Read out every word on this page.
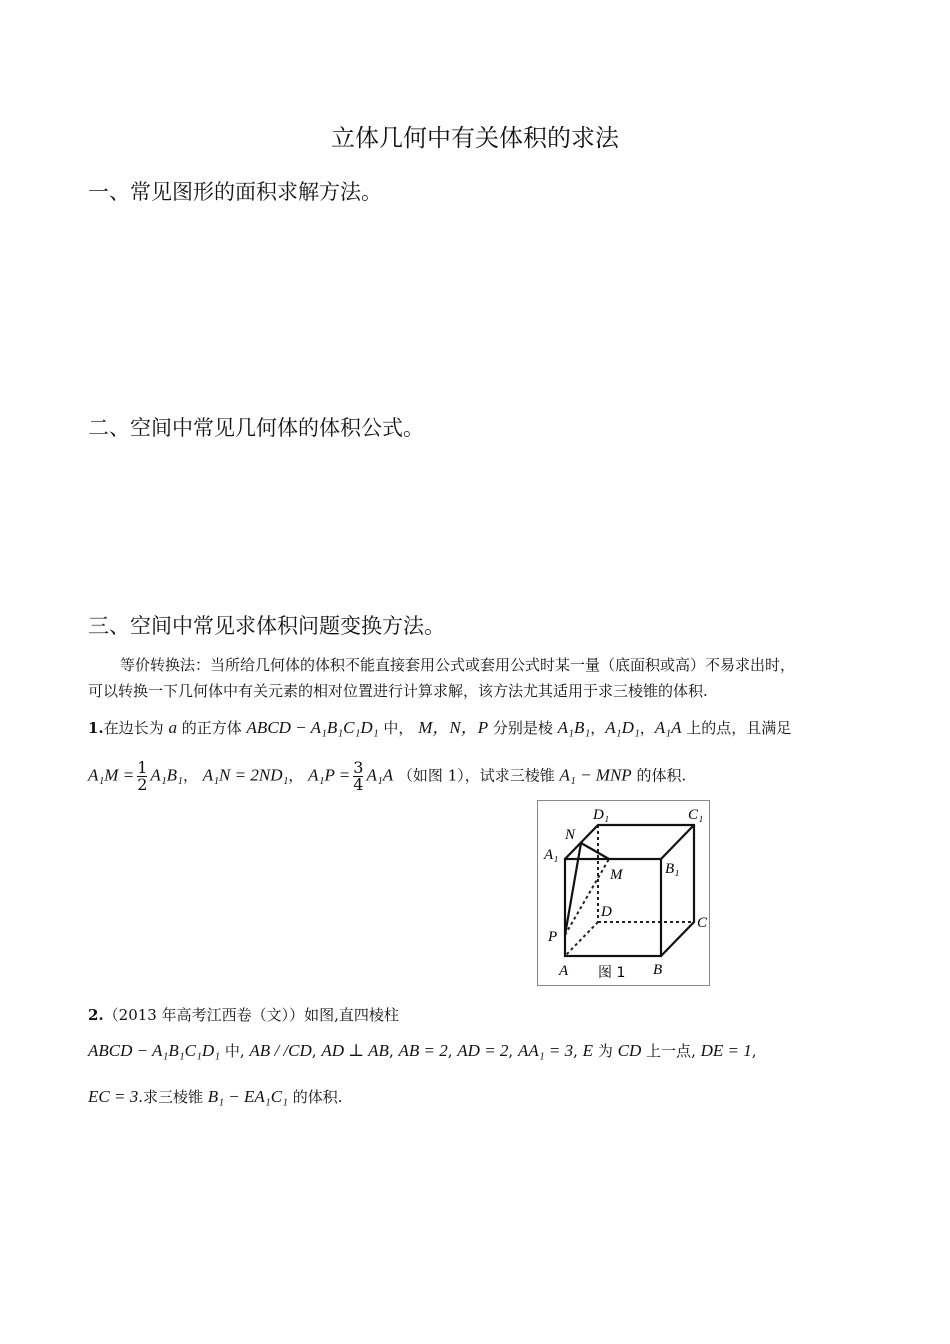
立体几何中有关体积的求法
一、常见图形的面积求解方法。
二、空间中常见几何体的体积公式。
三、空间中常见求体积问题变换方法。
等价转换法：当所给几何体的体积不能直接套用公式或套用公式时某一量（底面积或高）不易求出时，
可以转换一下几何体中有关元素的相对位置进行计算求解，该方法尤其适用于求三棱锥的体积.
1.在边长为 a 的正方体 ABCD − A₁B₁C₁D₁ 中， M，N，P 分别是棱 A₁B₁，A₁D₁，A₁A 上的点，且满足
$A_1M = \frac{1}{2} A_1B_1$， A₁N = 2ND₁， $A_1P = \frac{3}{4} A_1A$ （如图 1），试求三棱锥 A₁ − MNP 的体积.
A₁
N
D₁	C₁
B₁
M
D
C
P
A	B
图 1
2.（2013 年高考江西卷（文））如图,直四棱柱
ABCD − A₁B₁C₁D₁ 中, AB / /CD, AD ⊥ AB, AB = 2, AD = 2, AA₁ = 3, E 为 CD 上一点, DE = 1,
EC = 3.求三棱锥 B₁ − EA₁C₁ 的体积.
